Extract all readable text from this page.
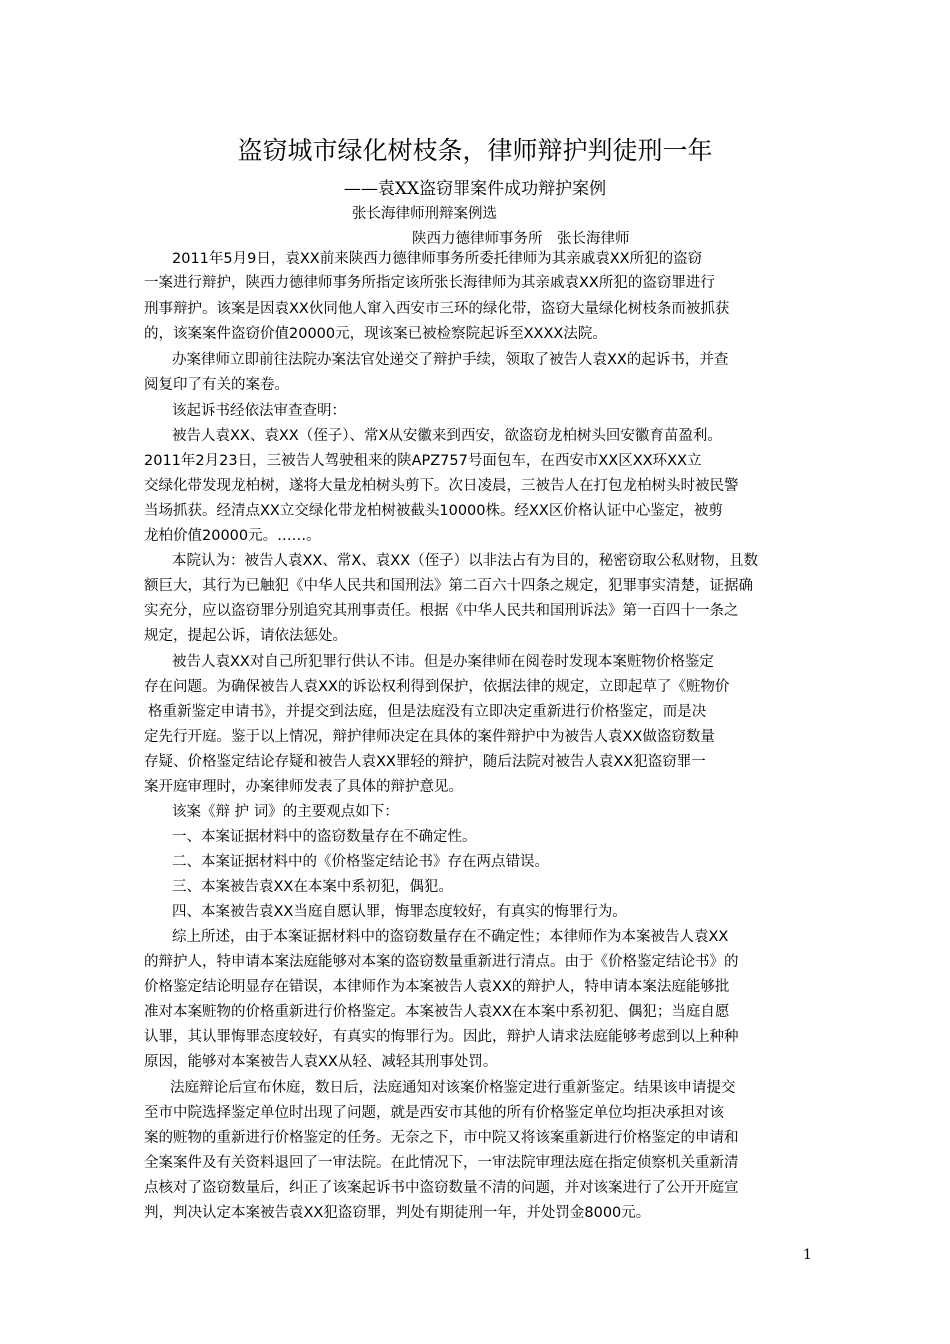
盗窃城市绿化树枝条，律师辩护判徒刑一年
——袁XX盗窃罪案件成功辩护案例
张长海律师刑辩案例选
陕西力德律师事务所　张长海律师
2011年5月9日，袁XX前来陕西力德律师事务所委托律师为其亲戚袁XX所犯的盗窃
一案进行辩护，陕西力德律师事务所指定该所张长海律师为其亲戚袁XX所犯的盗窃罪进行
刑事辩护。该案是因袁XX伙同他人窜入西安市三环的绿化带，盗窃大量绿化树枝条而被抓获
的，该案案件盗窃价值20000元，现该案已被检察院起诉至XXXX法院。
办案律师立即前往法院办案法官处递交了辩护手续，领取了被告人袁XX的起诉书，并查
阅复印了有关的案卷。
该起诉书经依法审查查明：
被告人袁XX、袁XX（侄子）、常X从安徽来到西安，欲盗窃龙柏树头回安徽育苗盈利。
2011年2月23日，三被告人驾驶租来的陕APZ757号面包车，在西安市XX区XX环XX立
交绿化带发现龙柏树，遂将大量龙柏树头剪下。次日凌晨，三被告人在打包龙柏树头时被民警
当场抓获。经清点XX立交绿化带龙柏树被截头10000株。经XX区价格认证中心鉴定，被剪
龙柏价值20000元。……。
本院认为：被告人袁XX、常X、袁XX（侄子）以非法占有为目的，秘密窃取公私财物，且数
额巨大，其行为已触犯《中华人民共和国刑法》第二百六十四条之规定，犯罪事实清楚，证据确
实充分，应以盗窃罪分别追究其刑事责任。根据《中华人民共和国刑诉法》第一百四十一条之
规定，提起公诉，请依法惩处。
被告人袁XX对自己所犯罪行供认不讳。但是办案律师在阅卷时发现本案赃物价格鉴定
存在问题。为确保被告人袁XX的诉讼权利得到保护，依据法律的规定，立即起草了《赃物价
格重新鉴定申请书》，并提交到法庭，但是法庭没有立即决定重新进行价格鉴定，而是决
定先行开庭。鉴于以上情况，辩护律师决定在具体的案件辩护中为被告人袁XX做盗窃数量
存疑、价格鉴定结论存疑和被告人袁XX罪轻的辩护，随后法院对被告人袁XX犯盗窃罪一
案开庭审理时，办案律师发表了具体的辩护意见。
该案《辩 护 词》的主要观点如下：
一、本案证据材料中的盗窃数量存在不确定性。
二、本案证据材料中的《价格鉴定结论书》存在两点错误。
三、本案被告袁XX在本案中系初犯，偶犯。
四、本案被告袁XX当庭自愿认罪，悔罪态度较好，有真实的悔罪行为。
综上所述，由于本案证据材料中的盗窃数量存在不确定性；本律师作为本案被告人袁XX
的辩护人，特申请本案法庭能够对本案的盗窃数量重新进行清点。由于《价格鉴定结论书》的
价格鉴定结论明显存在错误，本律师作为本案被告人袁XX的辩护人，特申请本案法庭能够批
准对本案赃物的价格重新进行价格鉴定。本案被告人袁XX在本案中系初犯、偶犯；当庭自愿
认罪，其认罪悔罪态度较好，有真实的悔罪行为。因此，辩护人请求法庭能够考虑到以上种种
原因，能够对本案被告人袁XX从轻、减轻其刑事处罚。
法庭辩论后宣布休庭，数日后，法庭通知对该案价格鉴定进行重新鉴定。结果该申请提交
至市中院选择鉴定单位时出现了问题，就是西安市其他的所有价格鉴定单位均拒决承担对该
案的赃物的重新进行价格鉴定的任务。无奈之下，市中院又将该案重新进行价格鉴定的申请和
全案案件及有关资料退回了一审法院。在此情况下，一审法院审理法庭在指定侦察机关重新清
点核对了盗窃数量后，纠正了该案起诉书中盗窃数量不清的问题，并对该案进行了公开开庭宣
判，判决认定本案被告袁XX犯盗窃罪，判处有期徒刑一年，并处罚金8000元。
1
